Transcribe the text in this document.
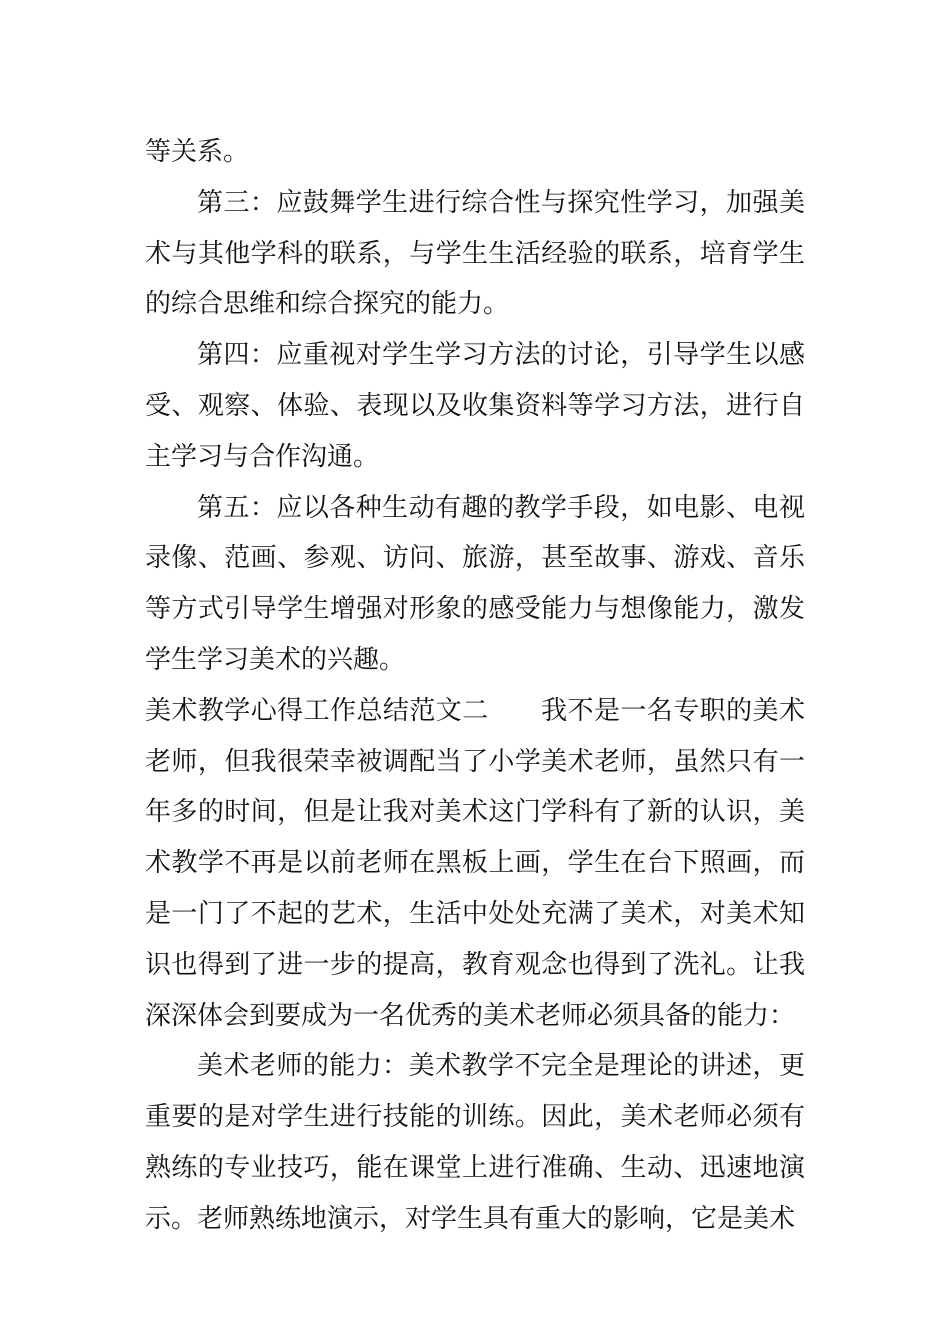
等关系。

第三：应鼓舞学生进行综合性与探究性学习，加强美术与其他学科的联系，与学生生活经验的联系，培育学生的综合思维和综合探究的能力。

第四：应重视对学生学习方法的讨论，引导学生以感受、观察、体验、表现以及收集资料等学习方法，进行自主学习与合作沟通。

第五：应以各种生动有趣的教学手段，如电影、电视录像、范画、参观、访问、旅游，甚至故事、游戏、音乐等方式引导学生增强对形象的感受能力与想像能力，激发学生学习美术的兴趣。

美术教学心得工作总结范文二 我不是一名专职的美术老师，但我很荣幸被调配当了小学美术老师，虽然只有一年多的时间，但是让我对美术这门学科有了新的认识，美术教学不再是以前老师在黑板上画，学生在台下照画，而是一门了不起的艺术，生活中处处充满了美术，对美术知识也得到了进一步的提高，教育观念也得到了洗礼。让我深深体会到要成为一名优秀的美术老师必须具备的能力：

美术老师的能力：美术教学不完全是理论的讲述，更重要的是对学生进行技能的训练。因此，美术老师必须有熟练的专业技巧，能在课堂上进行准确、生动、迅速地演示。老师熟练地演示，对学生具有重大的影响，它是美术
